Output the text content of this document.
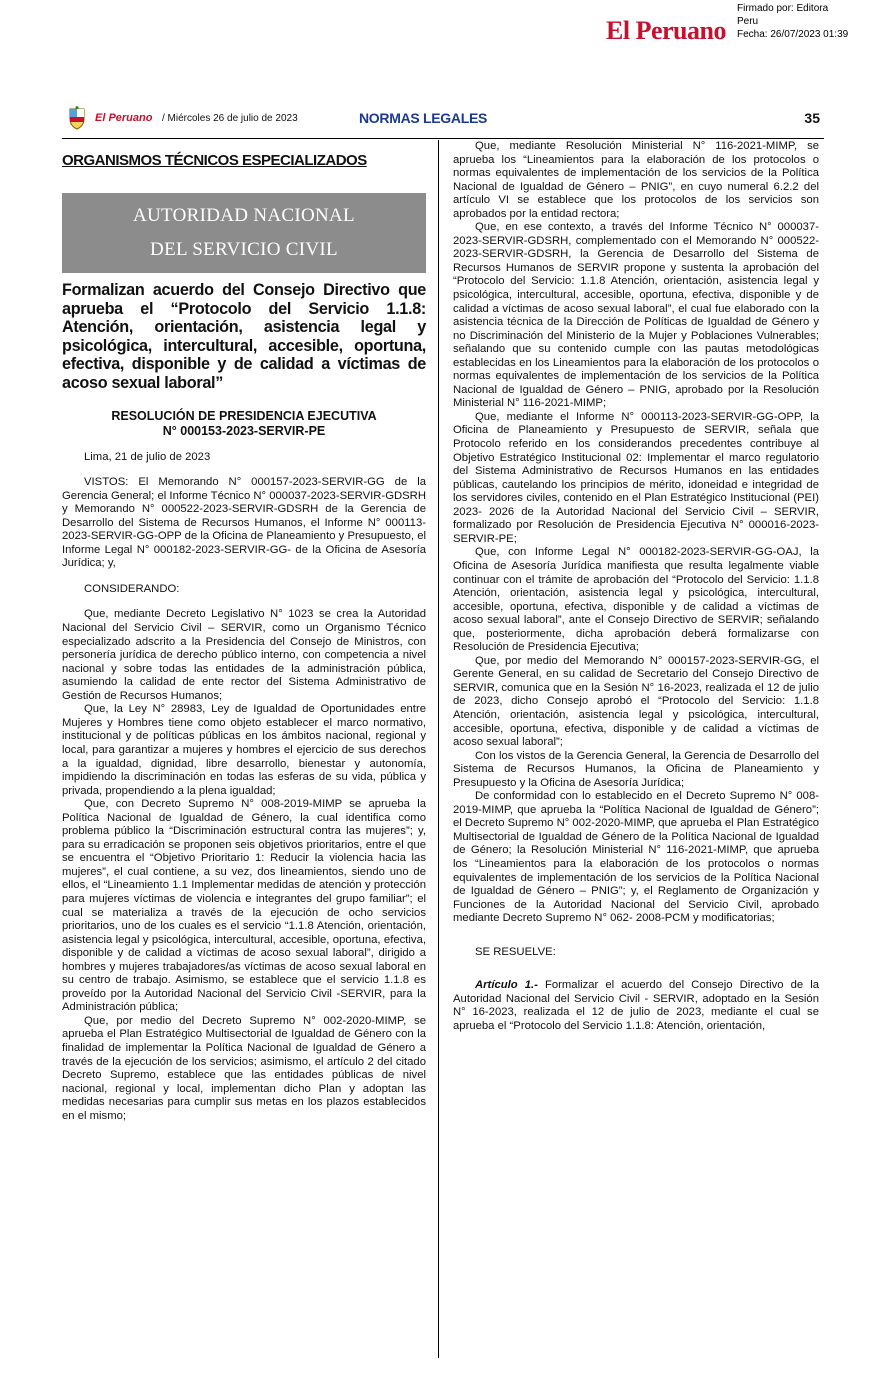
El Peruano
Firmado por: Editora
Peru
Fecha: 26/07/2023 01:39
El Peruano / Miércoles 26 de julio de 2023	NORMAS LEGALES	35
ORGANISMOS TÉCNICOS ESPECIALIZADOS
AUTORIDAD NACIONAL
DEL SERVICIO CIVIL
Formalizan acuerdo del Consejo Directivo que aprueba el “Protocolo del Servicio 1.1.8: Atención, orientación, asistencia legal y psicológica, intercultural, accesible, oportuna, efectiva, disponible y de calidad a víctimas de acoso sexual laboral”
RESOLUCIÓN DE PRESIDENCIA EJECUTIVA
N° 000153-2023-SERVIR-PE

Lima, 21 de julio de 2023

VISTOS: El Memorando N° 000157-2023-SERVIR-GG de la Gerencia General; el Informe Técnico N° 000037-2023-SERVIR-GDSRH y Memorando N° 000522-2023-SERVIR-GDSRH de la Gerencia de Desarrollo del Sistema de Recursos Humanos, el Informe N° 000113-2023-SERVIR-GG-OPP de la Oficina de Planeamiento y Presupuesto, el Informe Legal N° 000182-2023-SERVIR-GG- de la Oficina de Asesoría Jurídica; y,

CONSIDERANDO:

Que, mediante Decreto Legislativo N° 1023 se crea la Autoridad Nacional del Servicio Civil – SERVIR, como un Organismo Técnico especializado adscrito a la Presidencia del Consejo de Ministros, con personería jurídica de derecho público interno, con competencia a nivel nacional y sobre todas las entidades de la administración pública, asumiendo la calidad de ente rector del Sistema Administrativo de Gestión de Recursos Humanos;

Que, la Ley N° 28983, Ley de Igualdad de Oportunidades entre Mujeres y Hombres tiene como objeto establecer el marco normativo, institucional y de políticas públicas en los ámbitos nacional, regional y local, para garantizar a mujeres y hombres el ejercicio de sus derechos a la igualdad, dignidad, libre desarrollo, bienestar y autonomía, impidiendo la discriminación en todas las esferas de su vida, pública y privada, propendiendo a la plena igualdad;

Que, con Decreto Supremo N° 008-2019-MIMP se aprueba la Política Nacional de Igualdad de Género, la cual identifica como problema público la “Discriminación estructural contra las mujeres”; y, para su erradicación se proponen seis objetivos prioritarios, entre el que se encuentra el “Objetivo Prioritario 1: Reducir la violencia hacia las mujeres”, el cual contiene, a su vez, dos lineamientos, siendo uno de ellos, el “Lineamiento 1.1 Implementar medidas de atención y protección para mujeres víctimas de violencia e integrantes del grupo familiar”; el cual se materializa a través de la ejecución de ocho servicios prioritarios, uno de los cuales es el servicio “1.1.8 Atención, orientación, asistencia legal y psicológica, intercultural, accesible, oportuna, efectiva, disponible y de calidad a víctimas de acoso sexual laboral”, dirigido a hombres y mujeres trabajadores/as víctimas de acoso sexual laboral en su centro de trabajo. Asimismo, se establece que el servicio 1.1.8 es proveído por la Autoridad Nacional del Servicio Civil -SERVIR, para la Administración pública;

Que, por medio del Decreto Supremo N° 002-2020-MIMP, se aprueba el Plan Estratégico Multisectorial de Igualdad de Género con la finalidad de implementar la Política Nacional de Igualdad de Género a través de la ejecución de los servicios; asimismo, el artículo 2 del citado Decreto Supremo, establece que las entidades públicas de nivel nacional, regional y local, implementan dicho Plan y adoptan las medidas necesarias para cumplir sus metas en los plazos establecidos en el mismo;

Que, mediante Resolución Ministerial N° 116-2021-MIMP, se aprueba los “Lineamientos para la elaboración de los protocolos o normas equivalentes de implementación de los servicios de la Política Nacional de Igualdad de Género – PNIG”, en cuyo numeral 6.2.2 del artículo VI se establece que los protocolos de los servicios son aprobados por la entidad rectora;

Que, en ese contexto, a través del Informe Técnico N° 000037-2023-SERVIR-GDSRH, complementado con el Memorando N° 000522-2023-SERVIR-GDSRH, la Gerencia de Desarrollo del Sistema de Recursos Humanos de SERVIR propone y sustenta la aprobación del “Protocolo del Servicio: 1.1.8 Atención, orientación, asistencia legal y psicológica, intercultural, accesible, oportuna, efectiva, disponible y de calidad a víctimas de acoso sexual laboral”, el cual fue elaborado con la asistencia técnica de la Dirección de Políticas de Igualdad de Género y no Discriminación del Ministerio de la Mujer y Poblaciones Vulnerables; señalando que su contenido cumple con las pautas metodológicas establecidas en los Lineamientos para la elaboración de los protocolos o normas equivalentes de implementación de los servicios de la Política Nacional de Igualdad de Género – PNIG, aprobado por la Resolución Ministerial N° 116-2021-MIMP;

Que, mediante el Informe N° 000113-2023-SERVIR-GG-OPP, la Oficina de Planeamiento y Presupuesto de SERVIR, señala que Protocolo referido en los considerandos precedentes contribuye al Objetivo Estratégico Institucional 02: Implementar el marco regulatorio del Sistema Administrativo de Recursos Humanos en las entidades públicas, cautelando los principios de mérito, idoneidad e integridad de los servidores civiles, contenido en el Plan Estratégico Institucional (PEI) 2023- 2026 de la Autoridad Nacional del Servicio Civil – SERVIR, formalizado por Resolución de Presidencia Ejecutiva N° 000016-2023-SERVIR-PE;

Que, con Informe Legal N° 000182-2023-SERVIR-GG-OAJ, la Oficina de Asesoría Jurídica manifiesta que resulta legalmente viable continuar con el trámite de aprobación del “Protocolo del Servicio: 1.1.8 Atención, orientación, asistencia legal y psicológica, intercultural, accesible, oportuna, efectiva, disponible y de calidad a víctimas de acoso sexual laboral”, ante el Consejo Directivo de SERVIR; señalando que, posteriormente, dicha aprobación deberá formalizarse con Resolución de Presidencia Ejecutiva;

Que, por medio del Memorando N° 000157-2023-SERVIR-GG, el Gerente General, en su calidad de Secretario del Consejo Directivo de SERVIR, comunica que en la Sesión N° 16-2023, realizada el 12 de julio de 2023, dicho Consejo aprobó el “Protocolo del Servicio: 1.1.8 Atención, orientación, asistencia legal y psicológica, intercultural, accesible, oportuna, efectiva, disponible y de calidad a víctimas de acoso sexual laboral”;

Con los vistos de la Gerencia General, la Gerencia de Desarrollo del Sistema de Recursos Humanos, la Oficina de Planeamiento y Presupuesto y la Oficina de Asesoría Jurídica;

De conformidad con lo establecido en el Decreto Supremo N° 008-2019-MIMP, que aprueba la “Política Nacional de Igualdad de Género”; el Decreto Supremo N° 002-2020-MIMP, que aprueba el Plan Estratégico Multisectorial de Igualdad de Género de la Política Nacional de Igualdad de Género; la Resolución Ministerial N° 116-2021-MIMP, que aprueba los “Lineamientos para la elaboración de los protocolos o normas equivalentes de implementación de los servicios de la Política Nacional de Igualdad de Género – PNIG”; y, el Reglamento de Organización y Funciones de la Autoridad Nacional del Servicio Civil, aprobado mediante Decreto Supremo N° 062- 2008-PCM y modificatorias;

SE RESUELVE:

Artículo 1.- Formalizar el acuerdo del Consejo Directivo de la Autoridad Nacional del Servicio Civil - SERVIR, adoptado en la Sesión N° 16-2023, realizada el 12 de julio de 2023, mediante el cual se aprueba el “Protocolo del Servicio 1.1.8: Atención, orientación,
